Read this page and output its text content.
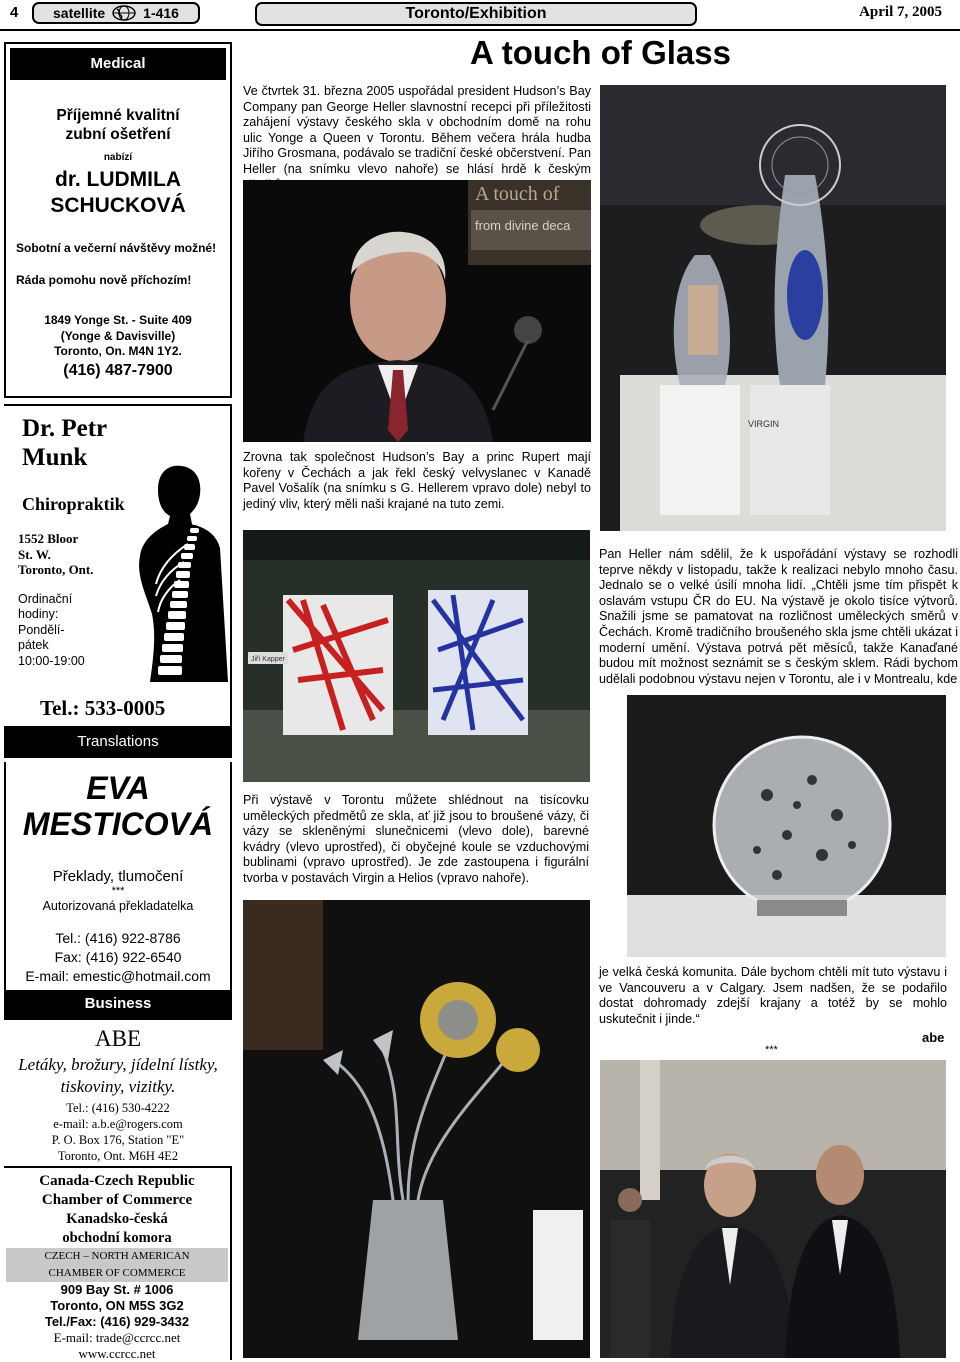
4 satellite	1-416	Toronto/Exhibition	April 7, 2005
Medical
Příjemné kvalitní
zubní ošetření
nabízí
dr. LUDMILA
SCHUCKOVÁ
Sobotní a večerní návštěvy možné!
Ráda pomohu nově příchozím!
1849 Yonge St. - Suite 409
(Yonge & Davisville)
Toronto, On. M4N 1Y2.
(416) 487-7900
Dr. Petr
Munk
Chiropraktik
1552 Bloor
St. W.
Toronto, Ont.
Ordinační
hodiny:
Pondělí-
pátek
10:00-19:00
Tel.: 533-0005
Translations
EVA
MESTICOVÁ
Překlady, tlumočení
***
Autorizovaná překladatelka
Tel.: (416) 922-8786
Fax: (416) 922-6540
E-mail: emestic@hotmail.com
Business
ABE
Letáky, brožury, jídelní lístky,
tiskoviny, vizitky.
Tel.: (416) 530-4222
e-mail: a.b.e@rogers.com
P. O. Box 176, Station "E"
Toronto, Ont. M6H 4E2
Canada-Czech Republic
Chamber of Commerce
Kanadsko-česká
obchodní komora
CZECH – NORTH AMERICAN
CHAMBER OF COMMERCE
909 Bay St. # 1006
Toronto, ON M5S 3G2
Tel./Fax: (416) 929-3432
E-mail: trade@ccrcc.net
www.ccrcc.net
A touch of Glass
Ve čtvrtek 31. března 2005 uspořádal president Hudson’s Bay Company pan George Heller slavnostní recepci při příležitosti zahájení výstavy českého skla v obchodním domě na rohu ulic Yonge a Queen v Torontu. Během večera hrála hudba Jiřího Grosmana, podávalo se tradiční české občerstvení. Pan Heller (na snímku vlevo nahoře) se hlásí hrdě k českým
Zrovna tak společnost Hudson’s Bay a princ Rupert mají kořeny v Čechách a jak řekl český velvyslanec v Kanadě Pavel Vošalík (na snímku s G. Hellerem vpravo dole) nebyl to jediný vliv, který měli naši krajané na tuto zemi.
Pan Heller nám sdělil, že k uspořádání výstavy se rozhodli teprve někdy v listopadu, takže k realizaci nebylo mnoho času. Jednalo se o velké úsilí mnoha lidí. „Chtěli jsme tím přispět k oslavám vstupu ČR do EU. Na výstavě je okolo tisíce výtvorů. Snažili jsme se pamatovat na rozličnost uměleckých směrů v Čechách. Kromě tradičního broušeného skla jsme chtěli ukázat i moderní umění. Výstava potrvá pět měsíců, takže Kanaďané budou mít možnost seznámit se s českým sklem. Rádi bychom udělali podobnou výstavu nejen v Torontu, ale i v Montrealu, kde
Při výstavě v Torontu můžete shlédnout na tisícovku uměleckých předmětů ze skla, ať již jsou to broušené vázy, či vázy se skleněnými slunečnicemi (vlevo dole), barevné kvádry (vlevo uprostřed), či obyčejné koule se vzduchovými bublinami (vpravo uprostřed). Je zde zastoupena i figurální tvorba v postavách Virgin a Helios (vpravo nahoře).
je velká česká komunita. Dále bychom chtěli mít tuto výstavu i ve Vancouveru a v Calgary. Jsem nadšen, že se podařilo dostat dohromady zdejší krajany a totéž by se mohlo uskutečnit i jinde.“
abe
***
A touch of
from divine deca
VIRGIN
Jiří Kapper
